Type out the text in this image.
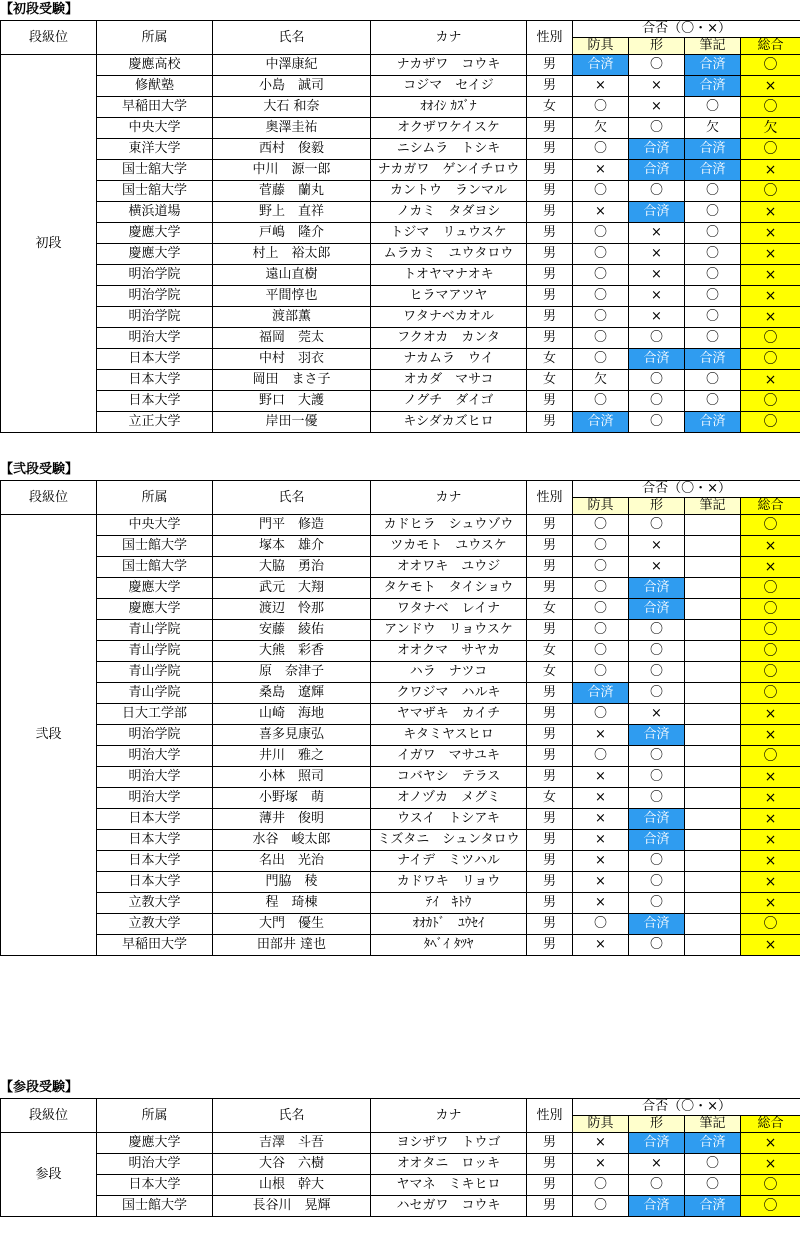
【初段受験】
段級位	所属	氏名	カナ	性別	合否（〇・×）			
					防具	形	筆記	総合
初段	慶應高校	中澤康紀	ナカザワ　コウキ	男	合済	〇	合済	〇
	修猷塾	小島　誠司	コジマ　セイジ	男	×	×	合済	×
	早稲田大学	大石 和奈	ｵｵｲｼ ｶｽﾞﾅ	女	〇	×	〇	〇
	中央大学	奥澤圭祐	オクザワケイスケ	男	欠	〇	欠	欠
	東洋大学	西村　俊毅	ニシムラ　トシキ	男	〇	合済	合済	〇
	国士舘大学	中川　源一郎	ナカガワ　ゲンイチロウ	男	×	合済	合済	×
	国士舘大学	菅藤　蘭丸	カントウ　ランマル	男	〇	〇	〇	〇
	横浜道場	野上　直祥	ノカミ　タダヨシ	男	×	合済	〇	×
	慶應大学	戸嶋　隆介	トジマ　リュウスケ	男	〇	×	〇	×
	慶應大学	村上　裕太郎	ムラカミ　ユウタロウ	男	〇	×	〇	×
	明治学院	遠山直樹	トオヤマナオキ	男	〇	×	〇	×
	明治学院	平間惇也	ヒラマアツヤ	男	〇	×	〇	×
	明治学院	渡部薫	ワタナベカオル	男	〇	×	〇	×
	明治大学	福岡　莞太	フクオカ　カンタ	男	〇	〇	〇	〇
	日本大学	中村　羽衣	ナカムラ　ウイ	女	〇	合済	合済	〇
	日本大学	岡田　まさ子	オカダ　マサコ	女	欠	〇	〇	×
	日本大学	野口　大護	ノグチ　ダイゴ	男	〇	〇	〇	〇
	立正大学	岸田一優	キシダカズヒロ	男	合済	〇	合済	〇
【弐段受験】
段級位	所属	氏名	カナ	性別	合否（〇・×）			
					防具	形	筆記	総合
弐段	中央大学	門平　修造	カドヒラ　シュウゾウ	男	〇	〇		〇
	国士館大学	塚本　雄介	ツカモト　ユウスケ	男	〇	×		×
	国士館大学	大脇　勇治	オオワキ　ユウジ	男	〇	×		×
	慶應大学	武元　大翔	タケモト　タイショウ	男	〇	合済		〇
	慶應大学	渡辺　怜那	ワタナベ　レイナ	女	〇	合済		〇
	青山学院	安藤　綾佑	アンドウ　リョウスケ	男	〇	〇		〇
	青山学院	大熊　彩香	オオクマ　サヤカ	女	〇	〇		〇
	青山学院	原　奈津子	ハラ　ナツコ	女	〇	〇		〇
	青山学院	桑島　遼輝	クワジマ　ハルキ	男	合済	〇		〇
	日大工学部	山崎　海地	ヤマザキ　カイチ	男	〇	×		×
	明治学院	喜多見康弘	キタミヤスヒロ	男	×	合済		×
	明治大学	井川　雅之	イガワ　マサユキ	男	〇	〇		〇
	明治大学	小林　照司	コバヤシ　テラス	男	×	〇		×
	明治大学	小野塚　萌	オノヅカ　メグミ	女	×	〇		×
	日本大学	薄井　俊明	ウスイ　トシアキ	男	×	合済		×
	日本大学	水谷　峻太郎	ミズタニ　シュンタロウ	男	×	合済		×
	日本大学	名出　光治	ナイデ　ミツハル	男	×	〇		×
	日本大学	門脇　稜	カドワキ　リョウ	男	×	〇		×
	立教大学	程　琦棟	ﾃｲ　ｷﾄｳ	男	×	〇		×
	立教大学	大門　優生	ｵｵｶﾄﾞ　ﾕｳｾｲ	男	〇	合済		〇
	早稲田大学	田部井 達也	ﾀﾍﾞｲ ﾀﾂﾔ	男	×	〇		×
【参段受験】
段級位	所属	氏名	カナ	性別	合否（〇・×）			
					防具	形	筆記	総合
参段	慶應大学	吉澤　斗吾	ヨシザワ　トウゴ	男	×	合済	合済	×
	明治大学	大谷　六樹	オオタニ　ロッキ	男	×	×	〇	×
	日本大学	山根　幹大	ヤマネ　ミキヒロ	男	〇	〇	〇	〇
	国士館大学	長谷川　晃輝	ハセガワ　コウキ	男	〇	合済	合済	〇
